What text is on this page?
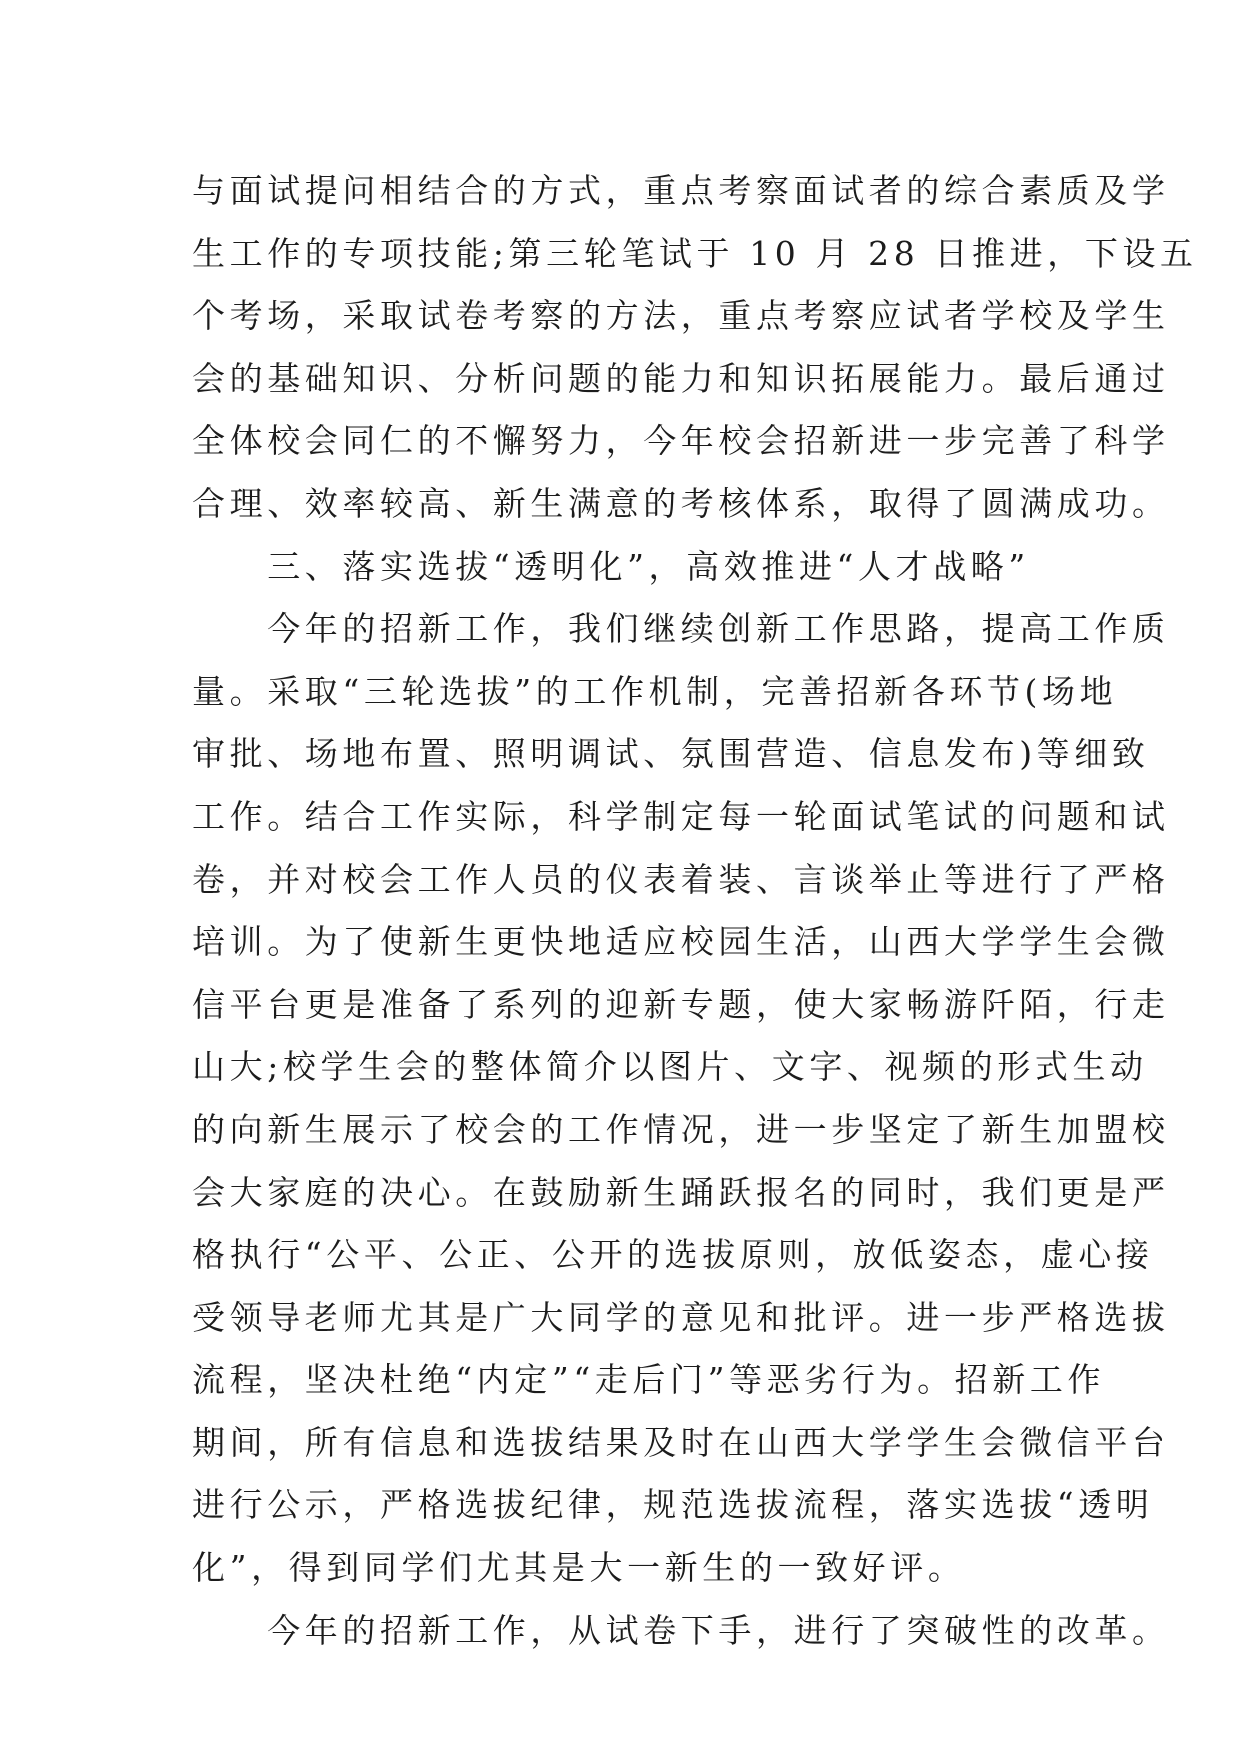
与面试提问相结合的方式，重点考察面试者的综合素质及学
生工作的专项技能;第三轮笔试于 10 月 28 日推进，下设五
个考场，采取试卷考察的方法，重点考察应试者学校及学生
会的基础知识、分析问题的能力和知识拓展能力。最后通过
全体校会同仁的不懈努力，今年校会招新进一步完善了科学
合理、效率较高、新生满意的考核体系，取得了圆满成功。
　　三、落实选拔“透明化”，高效推进“人才战略”
　　今年的招新工作，我们继续创新工作思路，提高工作质
量。采取“三轮选拔”的工作机制，完善招新各环节(场地
审批、场地布置、照明调试、氛围营造、信息发布)等细致
工作。结合工作实际，科学制定每一轮面试笔试的问题和试
卷，并对校会工作人员的仪表着装、言谈举止等进行了严格
培训。为了使新生更快地适应校园生活，山西大学学生会微
信平台更是准备了系列的迎新专题，使大家畅游阡陌，行走
山大;校学生会的整体简介以图片、文字、视频的形式生动
的向新生展示了校会的工作情况，进一步坚定了新生加盟校
会大家庭的决心。在鼓励新生踊跃报名的同时，我们更是严
格执行“公平、公正、公开的选拔原则，放低姿态，虚心接
受领导老师尤其是广大同学的意见和批评。进一步严格选拔
流程，坚决杜绝“内定”“走后门”等恶劣行为。招新工作
期间，所有信息和选拔结果及时在山西大学学生会微信平台
进行公示，严格选拔纪律，规范选拔流程，落实选拔“透明
化”，得到同学们尤其是大一新生的一致好评。
　　今年的招新工作，从试卷下手，进行了突破性的改革。
